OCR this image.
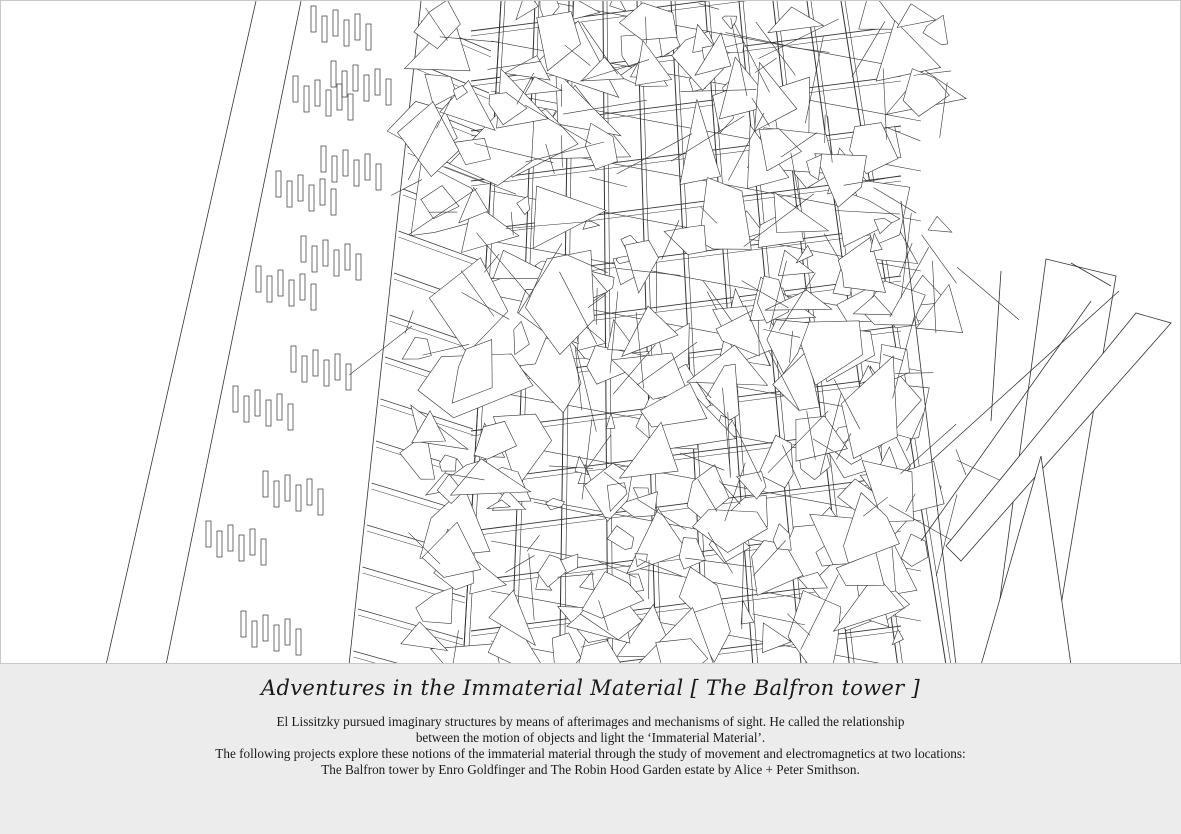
Adventures in the Immaterial Material [ The Balfron tower ]

El Lissitzky pursued imaginary structures by means of afterimages and mechanisms of sight. He called the relationship

between the motion of objects and light the ‘Immaterial Material’.

The following projects explore these notions of the immaterial material through the study of movement and electromagnetics at two locations:

The Balfron tower by Enro Goldfinger and The Robin Hood Garden estate by Alice + Peter Smithson.
